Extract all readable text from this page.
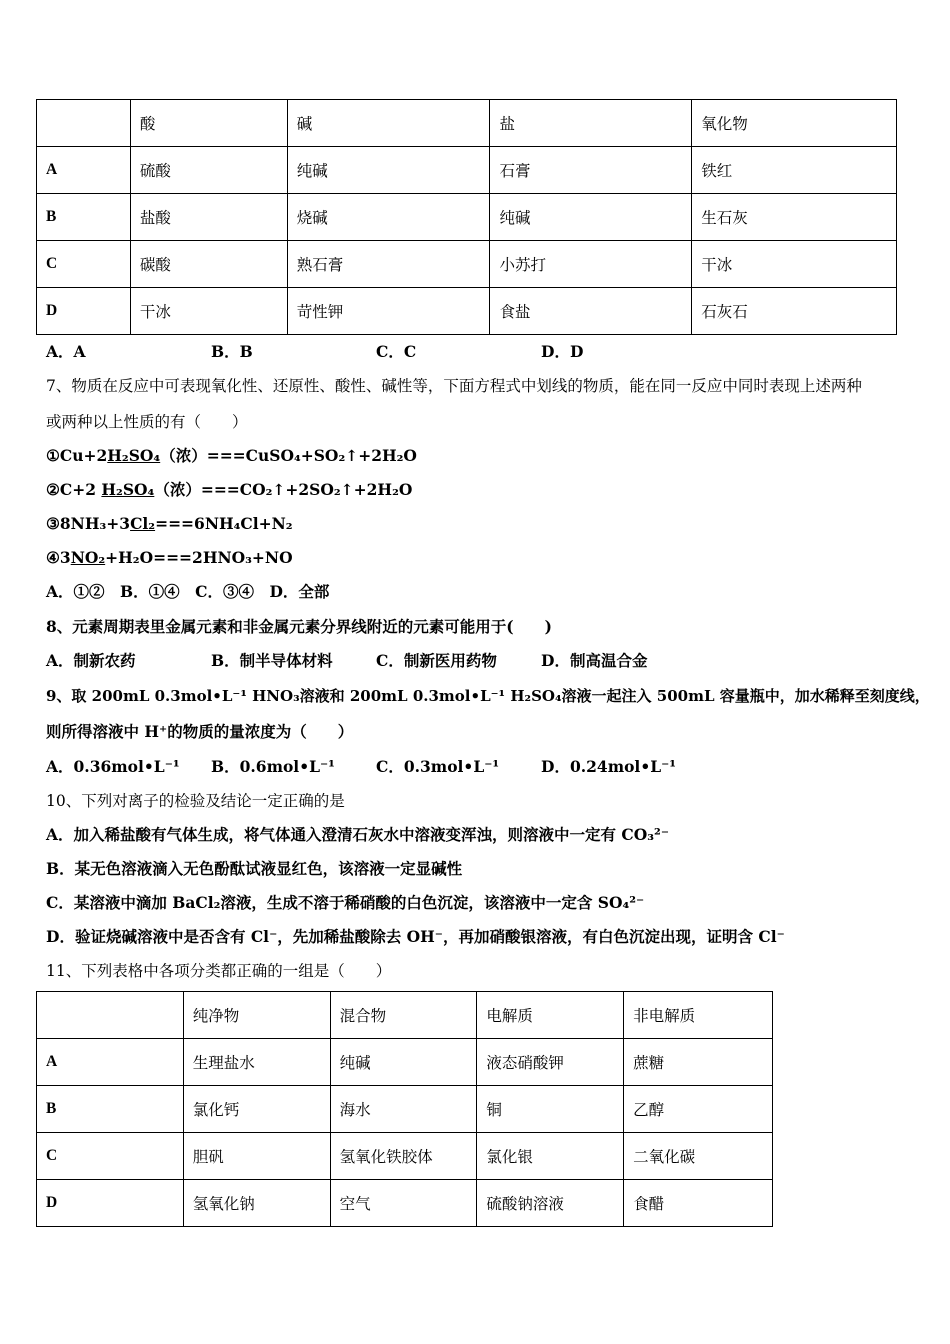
	酸	碱	盐	氧化物
A	硫酸	纯碱	石膏	铁红
B	盐酸	烧碱	纯碱	生石灰
C	碳酸	熟石膏	小苏打	干冰
D	干冰	苛性钾	食盐	石灰石
A．A	B．B	C．C	D．D
7、物质在反应中可表现氧化性、还原性、酸性、碱性等，下面方程式中划线的物质，能在同一反应中同时表现上述两种
或两种以上性质的有（　　）
①Cu+2H₂SO₄（浓）===CuSO₄+SO₂↑+2H₂O
②C+2 H₂SO₄（浓）===CO₂↑+2SO₂↑+2H₂O
③8NH₃+3Cl₂===6NH₄Cl+N₂
④3NO₂+H₂O===2HNO₃+NO
A．①②　B．①④　C．③④　D．全部
8、元素周期表里金属元素和非金属元素分界线附近的元素可能用于(　　)
A．制新农药	B．制半导体材料	C．制新医用药物	D．制高温合金
9、取 200mL 0.3mol•L⁻¹ HNO₃溶液和 200mL 0.3mol•L⁻¹ H₂SO₄溶液一起注入 500mL 容量瓶中，加水稀释至刻度线，
则所得溶液中 H⁺的物质的量浓度为（　　）
A．0.36mol•L⁻¹ B．0.6mol•L⁻¹	C．0.3mol•L⁻¹	D．0.24mol•L⁻¹
10、下列对离子的检验及结论一定正确的是
A．加入稀盐酸有气体生成，将气体通入澄清石灰水中溶液变浑浊，则溶液中一定有 CO₃²⁻
B．某无色溶液滴入无色酚酞试液显红色，该溶液一定显碱性
C．某溶液中滴加 BaCl₂溶液，生成不溶于稀硝酸的白色沉淀，该溶液中一定含 SO₄²⁻
D．验证烧碱溶液中是否含有 Cl⁻，先加稀盐酸除去 OH⁻，再加硝酸银溶液，有白色沉淀出现，证明含 Cl⁻
11、下列表格中各项分类都正确的一组是（　　）
	纯净物	混合物	电解质	非电解质
A	生理盐水	纯碱	液态硝酸钾	蔗糖
B	氯化钙	海水	铜	乙醇
C	胆矾	氢氧化铁胶体	氯化银	二氧化碳
D	氢氧化钠	空气	硫酸钠溶液	食醋
